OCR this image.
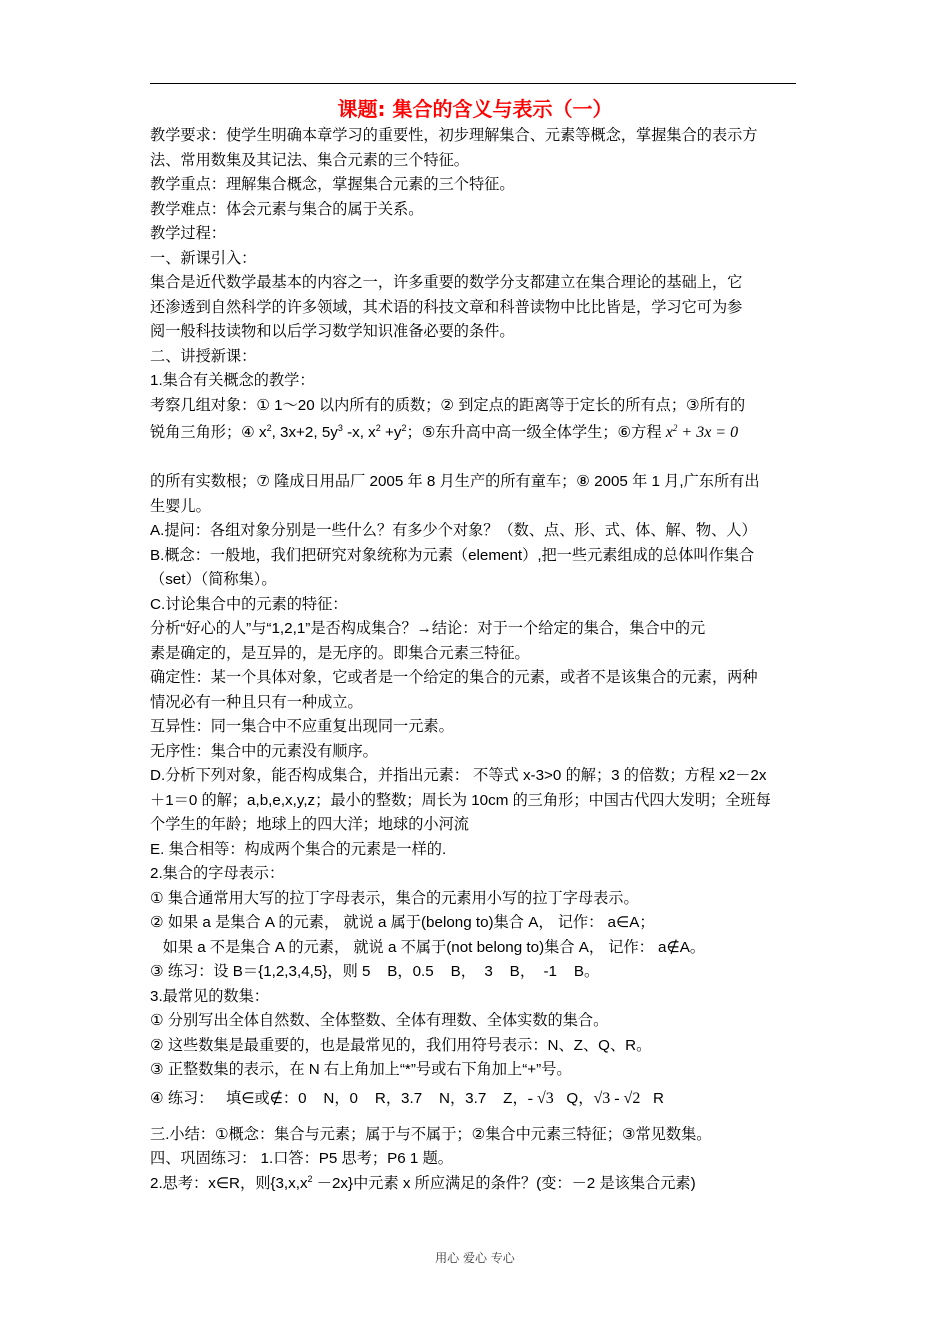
课题: 集合的含义与表示（一）

教学要求：使学生明确本章学习的重要性，初步理解集合、元素等概念，掌握集合的表示方

法、常用数集及其记法、集合元素的三个特征。

教学重点：理解集合概念，掌握集合元素的三个特征。

教学难点：体会元素与集合的属于关系。

教学过程：

一、新课引入：

集合是近代数学最基本的内容之一，许多重要的数学分支都建立在集合理论的基础上，它

还渗透到自然科学的许多领域，其术语的科技文章和科普读物中比比皆是，学习它可为参

阅一般科技读物和以后学习数学知识准备必要的条件。

二、讲授新课：

1.集合有关概念的教学：

考察几组对象：① 1～20 以内所有的质数；② 到定点的距离等于定长的所有点；③所有的

锐角三角形；④ $x^2$, 3x+2, $5y^3$ -x, $x^2 +y^2$；⑤东升高中高一级全体学生；⑥方程 $x^2 + 3x = 0$

的所有实数根；⑦ 隆成日用品厂 2005 年 8 月生产的所有童车；⑧ 2005 年 1 月,广东所有出

生婴儿。

A.提问：各组对象分别是一些什么？有多少个对象？（数、点、形、式、体、解、物、人）

B.概念：一般地，我们把研究对象统称为元素（element）,把一些元素组成的总体叫作集合

（set）（简称集）。

C.讨论集合中的元素的特征：

分析“好心的人”与“1,2,1”是否构成集合？→结论：对于一个给定的集合，集合中的元

素是确定的，是互异的，是无序的。即集合元素三特征。

确定性：某一个具体对象，它或者是一个给定的集合的元素，或者不是该集合的元素，两种

情况必有一种且只有一种成立。

互异性：同一集合中不应重复出现同一元素。

无序性：集合中的元素没有顺序。

D.分析下列对象，能否构成集合，并指出元素： 不等式 x-3>0 的解；3 的倍数；方程 x2－2x

＋1＝0 的解；a,b,e,x,y,z；最小的整数；周长为 10cm 的三角形；中国古代四大发明；全班每

个学生的年龄；地球上的四大洋；地球的小河流

E. 集合相等：构成两个集合的元素是一样的.

2.集合的字母表示：

① 集合通常用大写的拉丁字母表示，集合的元素用小写的拉丁字母表示。

② 如果 a 是集合 A 的元素， 就说 a 属于(belong to)集合 A， 记作： a∈A；

如果 a 不是集合 A 的元素， 就说 a 不属于(not belong to)集合 A， 记作： a∉A。

③ 练习：设 B＝{1,2,3,4,5}，则 5    B，0.5    B，  3    B，  -1    B。

3.最常见的数集：

① 分别写出全体自然数、全体整数、全体有理数、全体实数的集合。

② 这些数集是最重要的，也是最常见的，我们用符号表示：N、Z、Q、R。

③ 正整数集的表示，在 N 右上角加上“*”号或右下角加上“+”号。

④ 练习：   填∈或∉：0    N，0    R，3.7    N，3.7    Z，- √3   Q，√3 - √2   R

三.小结：①概念：集合与元素；属于与不属于；②集合中元素三特征；③常见数集。

四、巩固练习： 1.口答：P5 思考；P6 1 题。

2.思考：x∈R，则$\{3,x,x^2 -2x\}$中元素 x 所应满足的条件？(变：－2 是该集合元素)

用心 爱心 专心
